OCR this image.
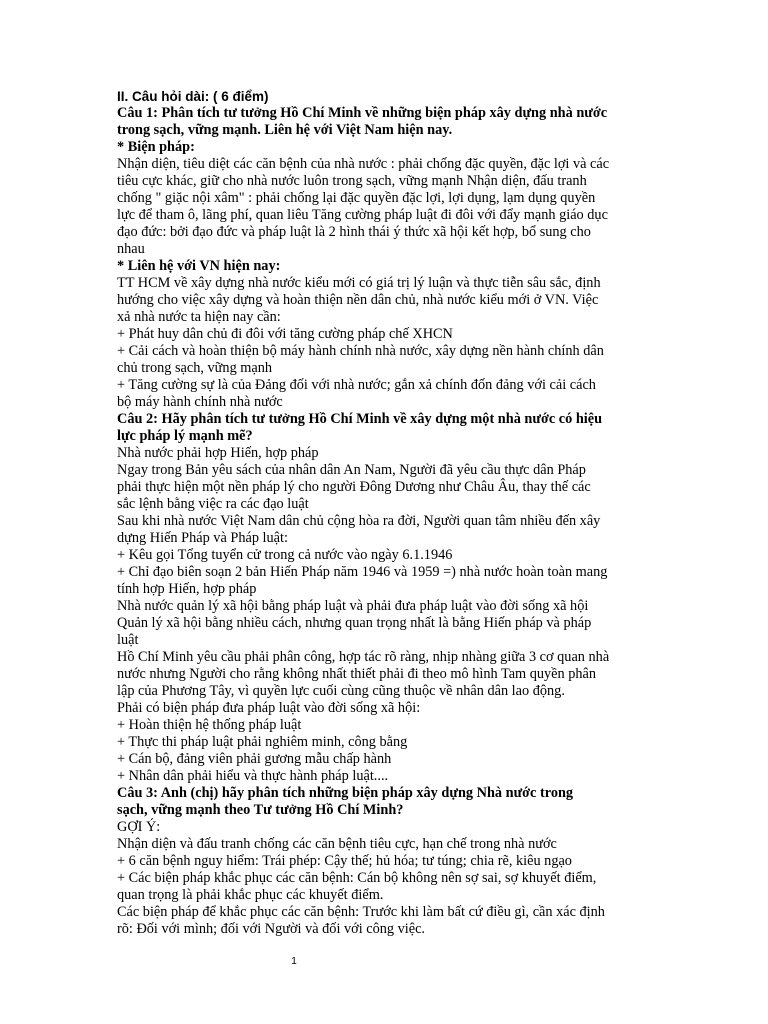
II. Câu hỏi dài: ( 6 điểm)
Câu 1: Phân tích tư tưởng Hồ Chí Minh về những biện pháp xây dựng nhà nước
trong sạch, vững mạnh. Liên hệ với Việt Nam hiện nay.
* Biện pháp:
Nhận diện, tiêu diệt các căn bệnh của nhà nước : phải chống đặc quyền, đặc lợi và các
tiêu cực khác, giữ cho nhà nước luôn trong sạch, vững mạnh Nhận diện, đấu tranh
chống " giặc nội xâm" : phải chống lại đặc quyền đặc lợi, lợi dụng, lạm dụng quyền
lực để tham ô, lãng phí, quan liêu Tăng cường pháp luật đi đôi với đẩy mạnh giáo dục
đạo đức: bởi đạo đức và pháp luật là 2 hình thái ý thức xã hội kết hợp, bổ sung cho
nhau
* Liên hệ với VN hiện nay:
TT HCM về xây dựng nhà nước kiểu mới có giá trị lý luận và thực tiễn sâu sắc, định
hướng cho việc xây dựng và hoàn thiện nền dân chủ, nhà nước kiểu mới ở VN. Việc
xả nhà nước ta hiện nay cần:
+ Phát huy dân chủ đi đôi với tăng cường pháp chế XHCN
+ Cải cách và hoàn thiện bộ máy hành chính nhà nước, xây dựng nền hành chính dân
chủ trong sạch, vững mạnh
+ Tăng cường sự là của Đảng đối với nhà nước; gắn xả chính đốn đảng với cải cách
bộ máy hành chính nhà nước
Câu 2: Hãy phân tích tư tưởng Hồ Chí Minh về xây dựng một nhà nước có hiệu
lực pháp lý mạnh mẽ?
Nhà nước phải hợp Hiến, hợp pháp
Ngay trong Bản yêu sách của nhân dân An Nam, Người đã yêu cầu thực dân Pháp
phải thực hiện một nền pháp lý cho người Đông Dương như Châu Âu, thay thế các
sắc lệnh bằng việc ra các đạo luật
Sau khi nhà nước Việt Nam dân chủ cộng hòa ra đời, Người quan tâm nhiều đến xây
dựng Hiến Pháp và Pháp luật:
+ Kêu gọi Tổng tuyển cử trong cả nước vào ngày 6.1.1946
+ Chỉ đạo biên soạn 2 bản Hiến Pháp năm 1946 và 1959 =) nhà nước hoàn toàn mang
tính hợp Hiến, hợp pháp
Nhà nước quản lý xã hội bằng pháp luật và phải đưa pháp luật vào đời sống xã hội
Quản lý xã hội bằng nhiều cách, nhưng quan trọng nhất là bằng Hiến pháp và pháp
luật
Hồ Chí Minh yêu cầu phải phân công, hợp tác rõ ràng, nhịp nhàng giữa 3 cơ quan nhà
nước nhưng Người cho rằng không nhất thiết phải đi theo mô hình Tam quyền phân
lập của Phương Tây, vì quyền lực cuối cùng cũng thuộc về nhân dân lao động.
Phải có biện pháp đưa pháp luật vào đời sống xã hội:
+ Hoàn thiện hệ thống pháp luật
+ Thực thi pháp luật phải nghiêm minh, công bằng
+ Cán bộ, đảng viên phải gương mẫu chấp hành
+ Nhân dân phải hiểu và thực hành pháp luật....
Câu 3: Anh (chị) hãy phân tích những biện pháp xây dựng Nhà nước trong
sạch, vững mạnh theo Tư tưởng Hồ Chí Minh?
GỢI Ý:
Nhận diện và đấu tranh chống các căn bệnh tiêu cực, hạn chế trong nhà nước
+ 6 căn bệnh nguy hiểm: Trái phép: Cậy thế; hủ hóa; tư túng; chia rẽ, kiêu ngạo
+ Các biện pháp khắc phục các căn bệnh: Cán bộ không nên sợ sai, sợ khuyết điểm,
quan trọng là phải khắc phục các khuyết điểm.
Các biện pháp để khắc phục các căn bệnh: Trước khi làm bất cứ điều gì, cần xác định
rõ: Đối với mình; đối với Người và đối với công việc.
1
